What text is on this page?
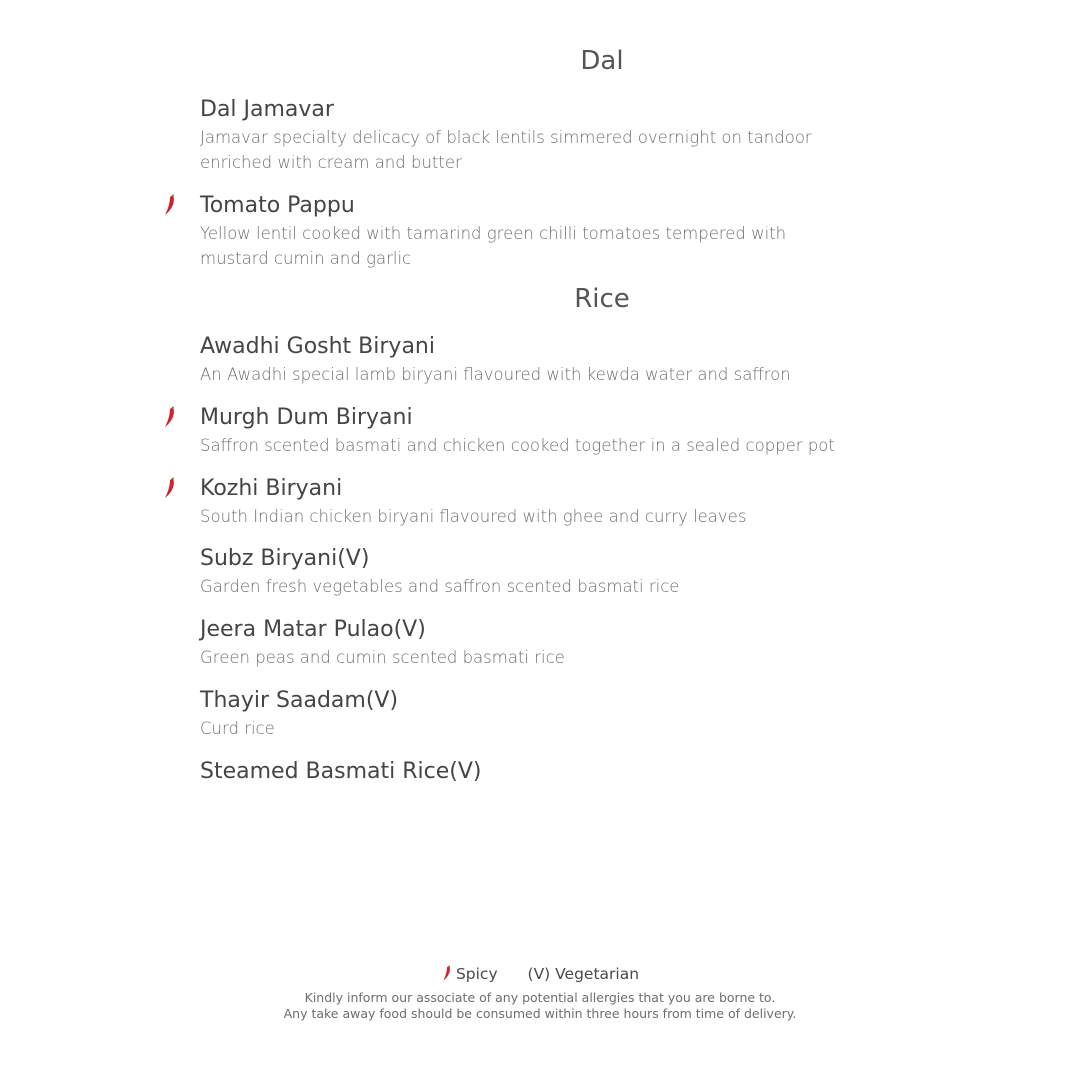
Dal
Dal Jamavar
Jamavar specialty delicacy of black lentils simmered overnight on tandoor
enriched with cream and butter
Tomato Pappu
Yellow lentil cooked with tamarind green chilli tomatoes tempered with
mustard cumin and garlic
Rice
Awadhi Gosht Biryani
An Awadhi special lamb biryani flavoured with kewda water and saffron
Murgh Dum Biryani
Saffron scented basmati and chicken cooked together in a sealed copper pot
Kozhi Biryani
South Indian chicken biryani flavoured with ghee and curry leaves
Subz Biryani(V)
Garden fresh vegetables and saffron scented basmati rice
Jeera Matar Pulao(V)
Green peas and cumin scented basmati rice
Thayir Saadam(V)
Curd rice
Steamed Basmati Rice(V)
Spicy (V) Vegetarian
Kindly inform our associate of any potential allergies that you are borne to.
Any take away food should be consumed within three hours from time of delivery.
